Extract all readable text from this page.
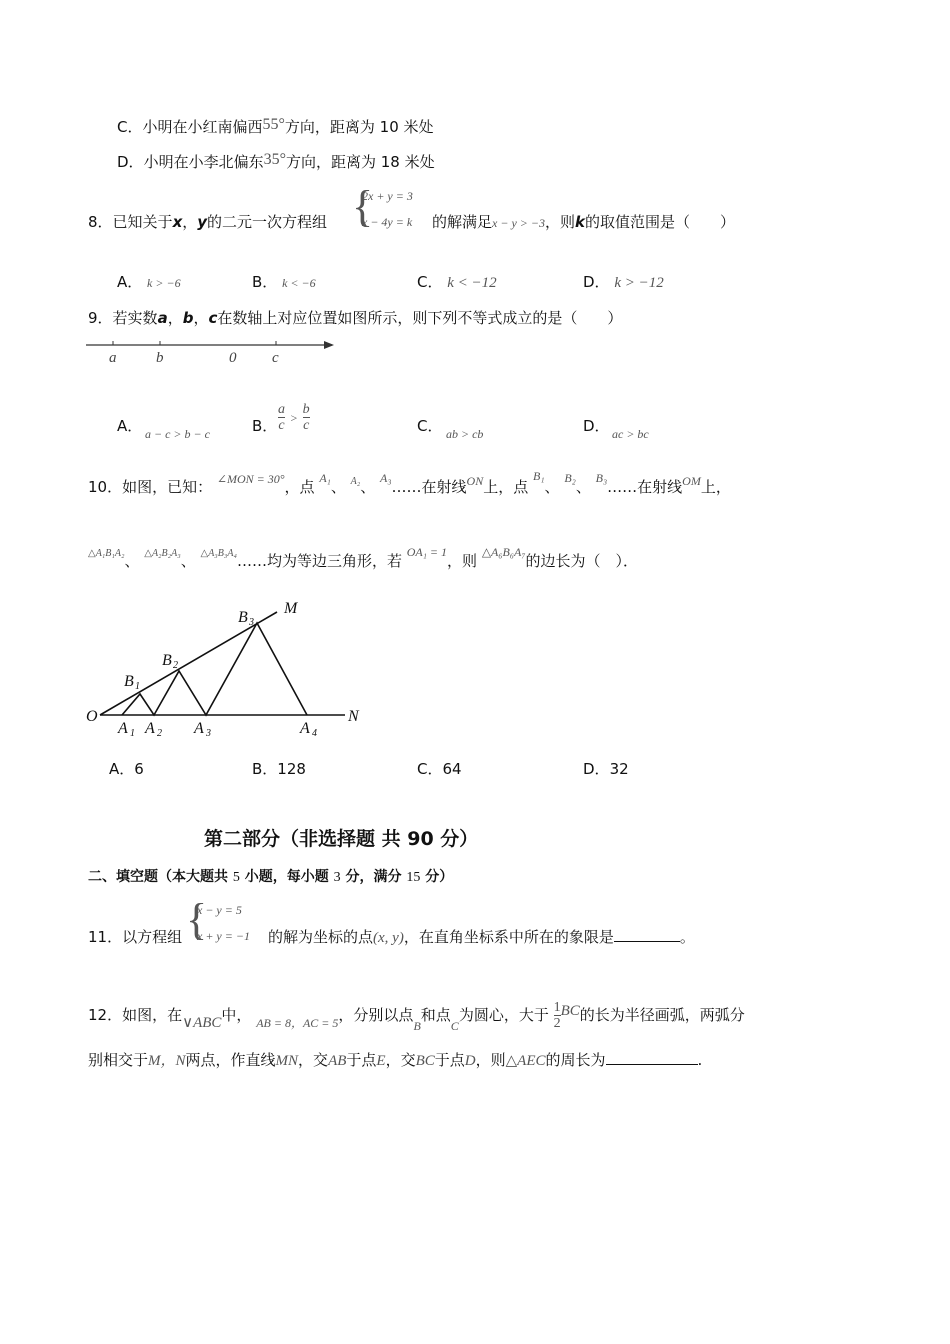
C．小明在小红南偏西55°方向，距离为 10 米处
D．小明在小李北偏东35°方向，距离为 18 米处
{
2x + y = 3
x − 4y = k
8．已知关于x，y的二元一次方程组	的解满足x − y > −3，则k的取值范围是（　　）
A． k > −6	B． k < −6	C． k < −12	D． k > −12
9．若实数a，b，c在数轴上对应位置如图所示，则下列不等式成立的是（　　）
a	b	0 c
A． a − c > b − c	B． $\frac{a}{c} > \frac{b}{c}$	C． ab > cb	D． ac > bc
10．如图，已知： $^{\angle MON = 30^\circ}$，点 $^{A_1}$、 $^{A_2}$、 $^{A_3}$……在射线$^{ON}$上，点 $^{B_1}$、 $^{B_2}$、 $^{B_3}$……在射线$^{OM}$上，
$^{\triangle A_1B_1A_2}$、 $^{\triangle A_2B_2A_3}$、 $^{\triangle A_3B_3A_4}$……均为等边三角形，若 $^{OA_1 = 1}$，则 $^{\triangle A_6B_6A_7}$的边长为（　）．
O
M
N
A 1 A 2 A 3	A 4
B 1
B 2
B 3
A．6	B．128	C．64	D．32
第二部分（非选择题 共 90 分）
二、填空题（本大题共 5 小题，每小题 3 分，满分 15 分）
{
x − y = 5
x + y = −1
11．以方程组	的解为坐标的点(x, y)，在直角坐标系中所在的象限是	。
12．如图，在∨ABC中， $_{AB = 8,AC = 5}$，分别以点$_B$和点$_C$为圆心，大于 $\frac{1}{2}$ BC的长为半径画弧，两弧分
别相交于M，N两点，作直线MN，交AB于点E，交BC于点D，则△AEC的周长为	.
